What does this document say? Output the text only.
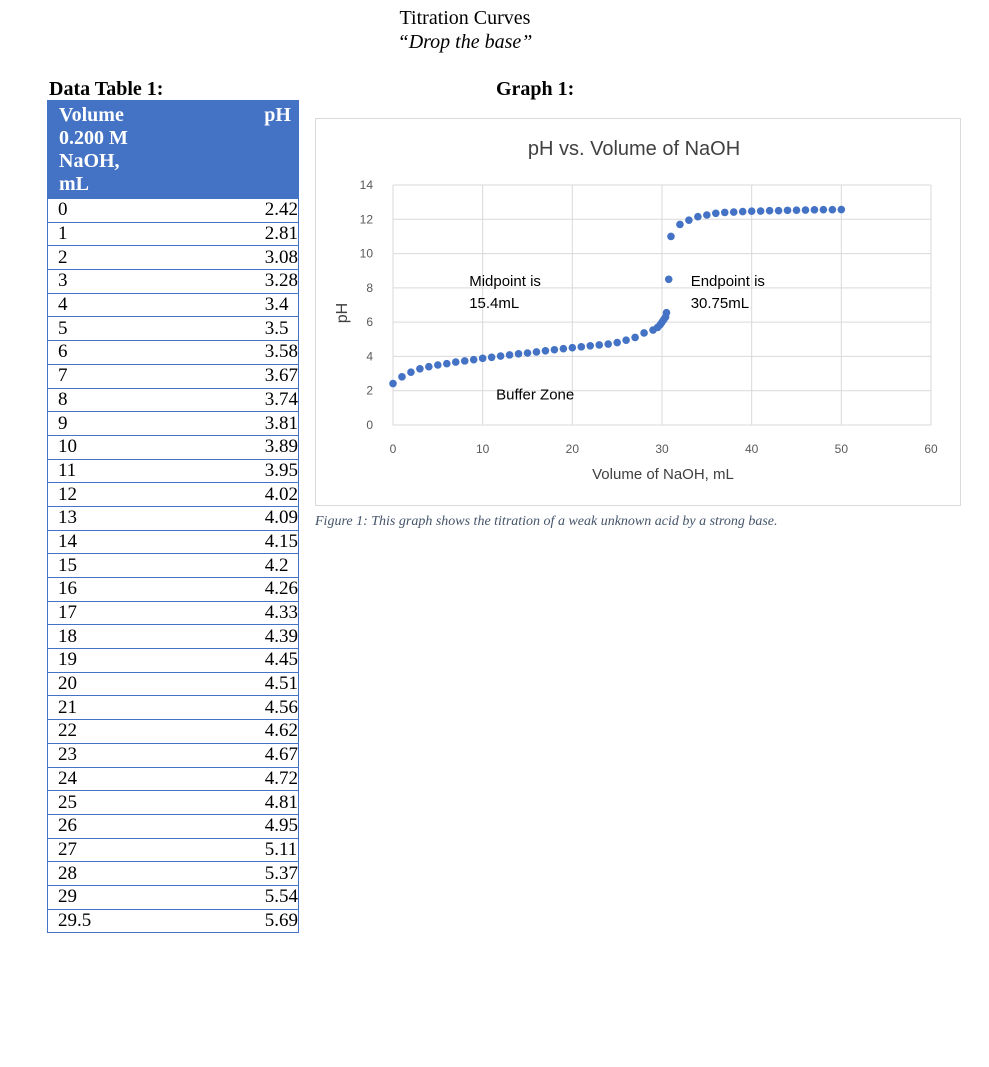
Titration Curves
“Drop the base”
Data Table 1:	Graph 1:
Volume 0.200 M NaOH, mL	pH
0	2.42
1	2.81
2	3.08
3	3.28
4	3.4
5	3.5
6	3.58
7	3.67
8	3.74
9	3.81
10	3.89
11	3.95
12	4.02
13	4.09
14	4.15
15	4.2
16	4.26
17	4.33
18	4.39
19	4.45
20	4.51
21	4.56
22	4.62
23	4.67
24	4.72
25	4.81
26	4.95
27	5.11
28	5.37
29	5.54
29.5	5.69
pH vs. Volume of NaOH
0
2
4
6
8
10
12
14
0	10	20	30	40	50	60
pH
Volume of NaOH, mL
Midpoint is
15.4mL
Endpoint is
30.75mL
Buffer Zone
Figure 1: This graph shows the titration of a weak unknown acid by a strong base.
